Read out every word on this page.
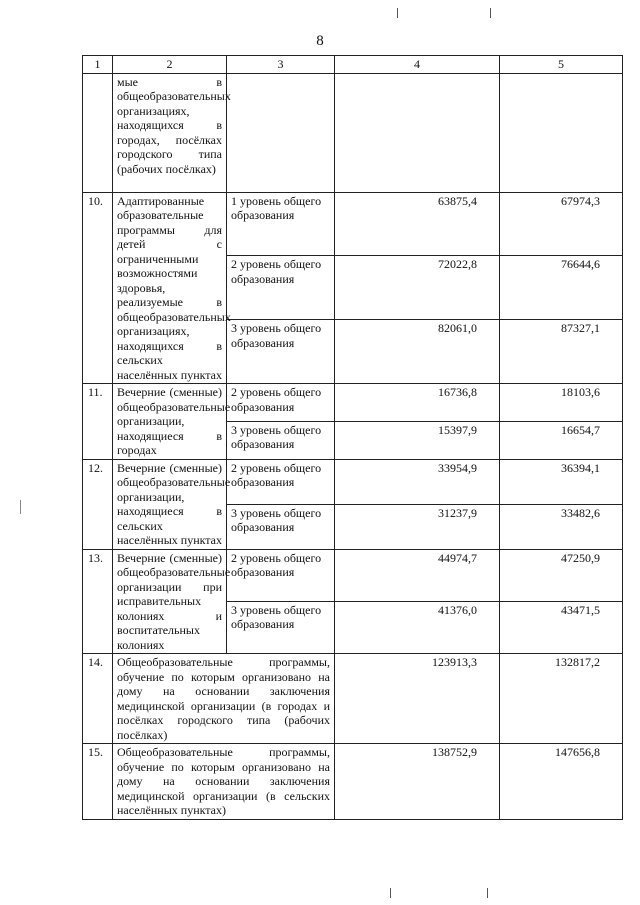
8
1	2	3	4	5
	мые в общеобразовательных организациях, находящихся в городах, посёлках городского типа (рабочих посёлках)			
10.	Адаптированные образовательные программы для детей с ограниченными возможностями здоровья, реализуемые в общеобразовательных организациях, находящихся в сельских населённых пунктах	1 уровень общего образования	63875,4	67974,3
		2 уровень общего образования	72022,8	76644,6
		3 уровень общего образования	82061,0	87327,1
11.	Вечерние (сменные) общеобразовательные организации, находящиеся в городах	2 уровень общего образования	16736,8	18103,6
		3 уровень общего образования	15397,9	16654,7
12.	Вечерние (сменные) общеобразовательные организации, находящиеся в сельских населённых пунктах	2 уровень общего образования	33954,9	36394,1
		3 уровень общего образования	31237,9	33482,6
13.	Вечерние (сменные) общеобразовательные организации при исправительных колониях и воспитательных колониях	2 уровень общего образования	44974,7	47250,9
		3 уровень общего образования	41376,0	43471,5
14.	Общеобразовательные программы, обучение по которым организовано на дому на основании заключения медицинской организации (в городах и посёлках городского типа (рабочих посёлках)		123913,3	132817,2
15.	Общеобразовательные программы, обучение по которым организовано на дому на основании заключения медицинской организации (в сельских населённых пунктах)		138752,9	147656,8
